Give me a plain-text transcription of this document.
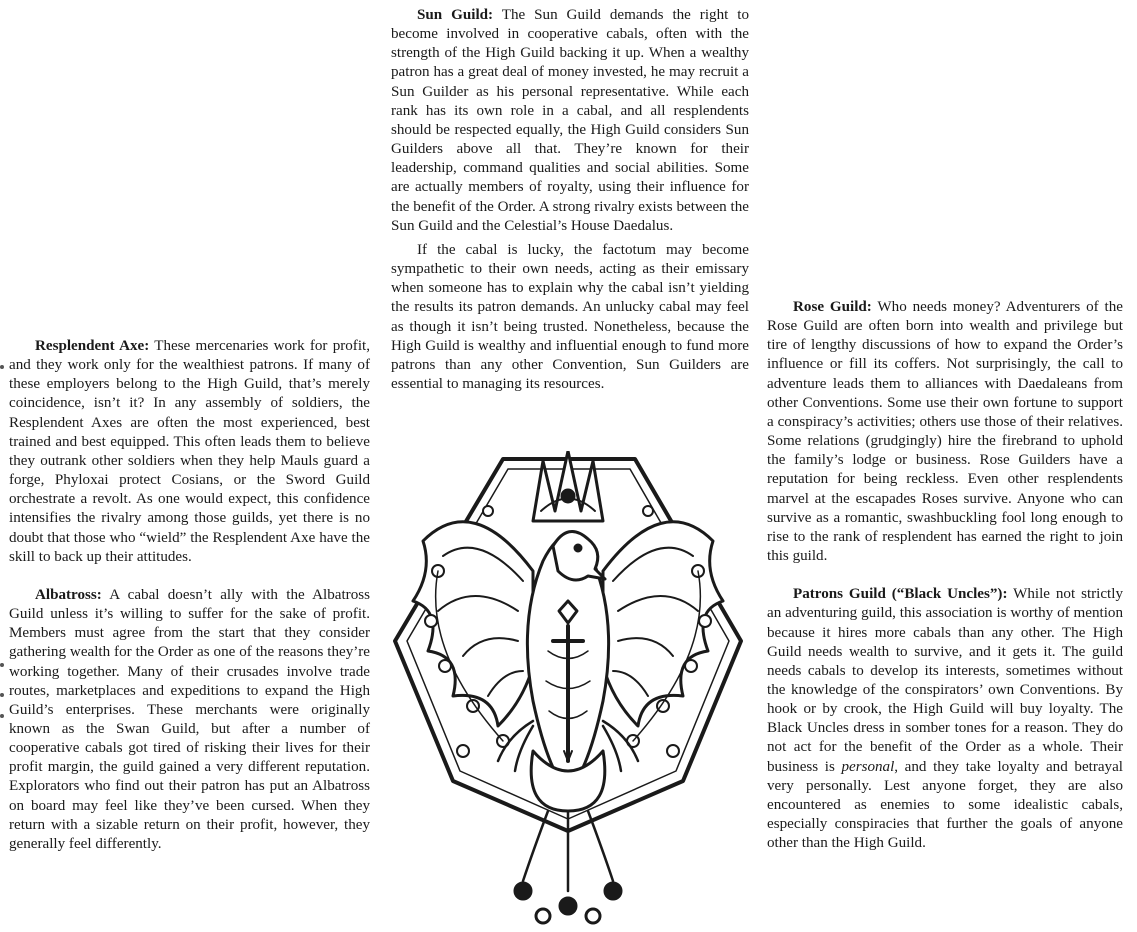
Resplendent Axe: These mercenaries work for profit, and they work only for the wealthiest patrons. If many of these employers belong to the High Guild, that’s merely coincidence, isn’t it? In any assembly of soldiers, the Resplendent Axes are often the most experienced, best trained and best equipped. This often leads them to believe they outrank other soldiers when they help Mauls guard a forge, Phyloxai protect Cosians, or the Sword Guild orchestrate a revolt. As one would expect, this confidence intensifies the rivalry among those guilds, yet there is no doubt that those who “wield” the Resplendent Axe have the skill to back up their attitudes.

Albatross: A cabal doesn’t ally with the Albatross Guild unless it’s willing to suffer for the sake of profit. Members must agree from the start that they consider gathering wealth for the Order as one of the reasons they’re working together. Many of their crusades involve trade routes, marketplaces and expeditions to expand the High Guild’s enterprises. These merchants were originally known as the Swan Guild, but after a number of cooperative cabals got tired of risking their lives for their profit margin, the guild gained a very different reputation. Explorators who find out their patron has put an Albatross on board may feel like they’ve been cursed. When they return with a sizable return on their profit, however, they generally feel differently.

Sun Guild: The Sun Guild demands the right to become involved in cooperative cabals, often with the strength of the High Guild backing it up. When a wealthy patron has a great deal of money invested, he may recruit a Sun Guilder as his personal representative. While each rank has its own role in a cabal, and all resplendents should be respected equally, the High Guild considers Sun Guilders above all that. They’re known for their leadership, command qualities and social abilities. Some are actually members of royalty, using their influence for the benefit of the Order. A strong rivalry exists between the Sun Guild and the Celestial’s House Daedalus.

If the cabal is lucky, the factotum may become sympathetic to their own needs, acting as their emissary when someone has to explain why the cabal isn’t yielding the results its patron demands. An unlucky cabal may feel as though it isn’t being trusted. Nonetheless, because the High Guild is wealthy and influential enough to fund more patrons than any other Convention, Sun Guilders are essential to managing its resources.

Rose Guild: Who needs money? Adventurers of the Rose Guild are often born into wealth and privilege but tire of lengthy discussions of how to expand the Order’s influence or fill its coffers. Not surprisingly, the call to adventure leads them to alliances with Daedaleans from other Conventions. Some use their own fortune to support a conspiracy’s activities; others use those of their relatives. Some relations (grudgingly) hire the firebrand to uphold the family’s lodge or business. Rose Guilders have a reputation for being reckless. Even other resplendents marvel at the escapades Roses survive. Anyone who can survive as a romantic, swashbuckling fool long enough to rise to the rank of resplendent has earned the right to join this guild.

Patrons Guild (“Black Uncles”): While not strictly an adventuring guild, this association is worthy of mention because it hires more cabals than any other. The High Guild needs wealth to survive, and it gets it. The guild needs cabals to develop its interests, sometimes without the knowledge of the conspirators’ own Conventions. By hook or by crook, the High Guild will buy loyalty. The Black Uncles dress in somber tones for a reason. They do not act for the benefit of the Order as a whole. Their business is personal, and they take loyalty and betrayal very personally. Lest anyone forget, they are also encountered as enemies to some idealistic cabals, especially conspiracies that further the goals of anyone other than the High Guild.
